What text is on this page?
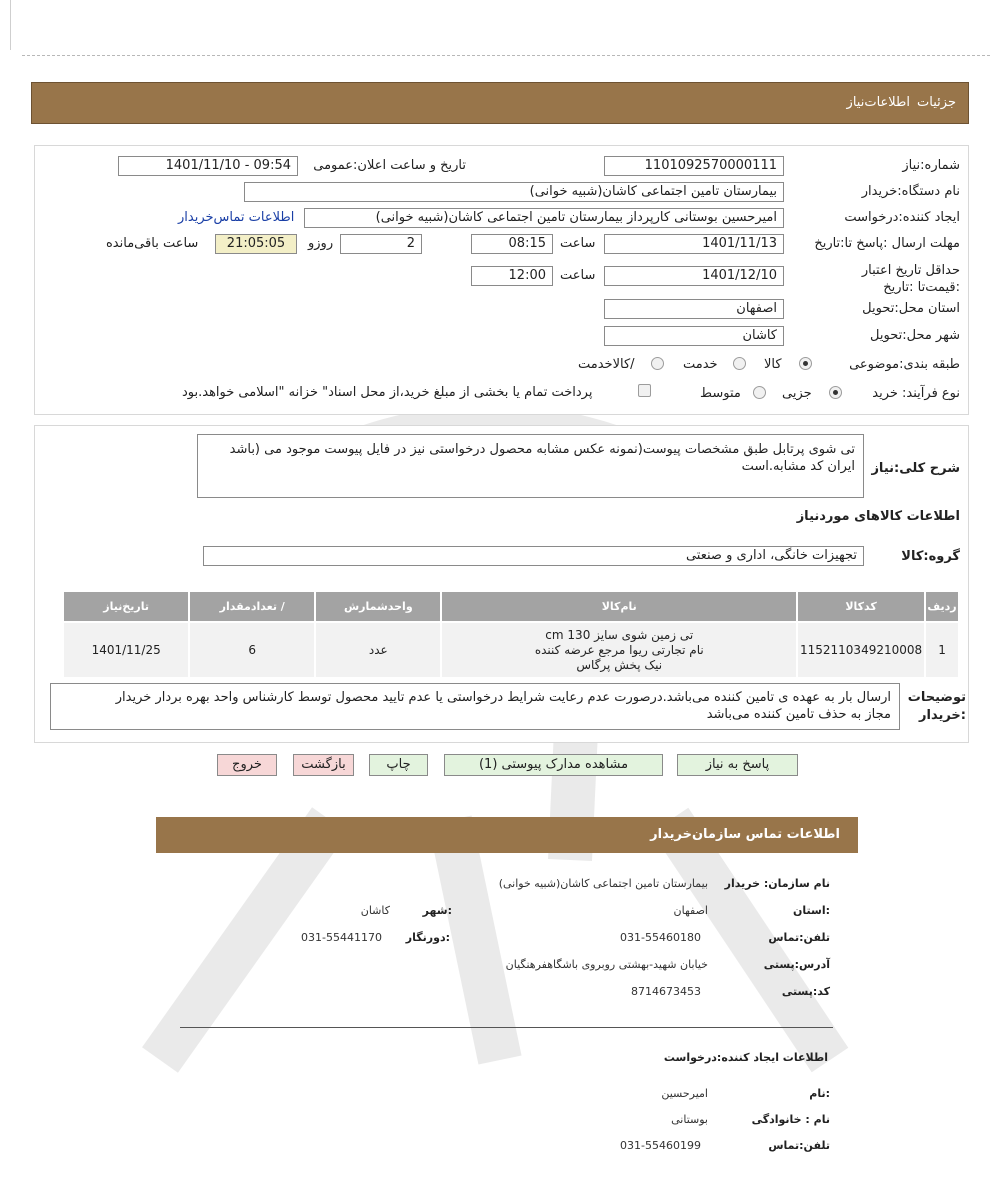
جزئیات
اطلاعات‌نیاز
شماره:نیاز
1101092570000111
تاریخ و ساعت اعلان:عمومی
1401/11/10 - 09:54
نام دستگاه:خریدار
بیمارستان تامین اجتماعی کاشان(شبیه خوانی)
ایجاد کننده:درخواست
امیرحسین بوستانی کارپرداز بیمارستان تامین اجتماعی کاشان(شبیه خوانی)
اطلاعات تماس‌خریدار
مهلت ارسال :پاسخ تا:تاریخ
1401/11/13
ساعت
08:15
2
روزو
21:05:05
ساعت باقی‌مانده
حداقل تاریخ اعتبار :قیمت‌تا :تاریخ
1401/12/10
ساعت
12:00
استان محل:تحویل
اصفهان
شهر محل:تحویل
کاشان
طبقه بندی:موضوعی
کالا
خدمت
/کالاخدمت
نوع فرآیند: خرید
جزیی
متوسط
پرداخت تمام یا بخشی از مبلغ خرید،از محل اسناد" خزانه "اسلامی خواهد.بود
شرح کلی:نیاز
تی شوی پرتابل طبق مشخصات پیوست(نمونه عکس مشابه محصول درخواستی نیز در فایل پیوست موجود می (باشد
ایران کد مشابه.است
اطلاعات کالاهای مورد‌نیاز
گروه:کالا
تجهیزات خانگی، اداری و صنعتی
ردیف	کدکالا	نام‌کالا	واحدشمارش	/ تعدادمقدار	تاریخ‌نیاز
1	1152110349210008	تی زمین شوی سایز 130 cm
نام تجارتی ریوا مرجع عرضه کننده
نیک پخش پرگاس	عدد	6	1401/11/25
توضیحات
:خریدار
ارسال بار به عهده ی تامین کننده می‌باشد.درصورت عدم رعایت شرایط درخواستی یا عدم تایید محصول توسط کارشناس واحد بهره بردار خریدار
مجاز به حذف تامین کننده می‌باشد
پاسخ به نیاز
مشاهده مدارک پیوستی (1)
چاپ
بازگشت
خروج
اطلاعات تماس سازمان‌خریدار
نام سازمان: خریدار
بیمارستان تامین اجتماعی کاشان(شبیه خوانی)
:استان
اصفهان
:شهر
کاشان
تلفن:تماس
031-55460180
:دورنگار
031-55441170
آدرس:پستی
خیابان شهید-بهشتی روبروی باشگاهفرهنگیان
کد:پستی
8714673453
اطلاعات ایجاد کننده:درخواست
:نام
امیرحسین
نام : خانوادگی
بوستانی
تلفن:تماس
031-55460199
